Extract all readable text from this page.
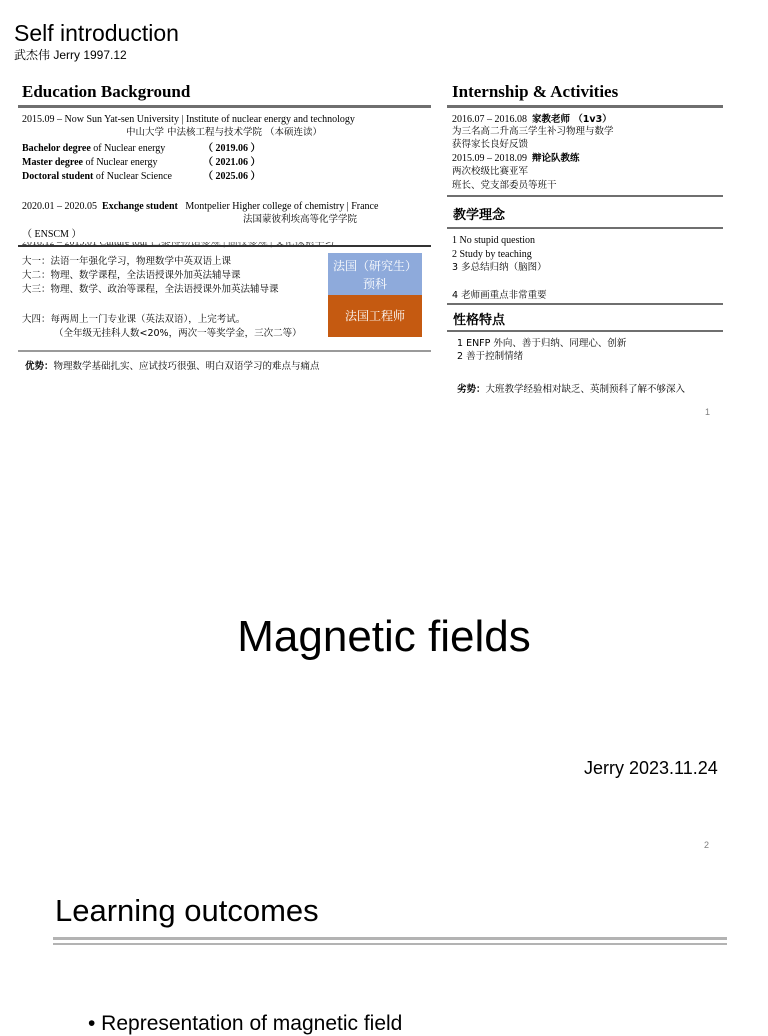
Self introduction
武杰伟 Jerry 1997.12
Education Background
2015.09 – Now Sun Yat-sen University | Institute of nuclear energy and technology
中山大学 中法核工程与技术学院 （本硕连读）
Bachelor degree of Nuclear energy	（ 2019.06 ）
Master degree of Nuclear energy	（ 2021.06 ）
Doctoral student of Nuclear Science	（ 2025.06 ）
2020.01 – 2020.05 Exchange student Montpelier Higher college of chemistry | France
法国蒙彼利埃高等化学学院
（ ENSCM ）
大一：法语一年强化学习，物理数学中英双语上课
大二：物理、数学课程，全法语授课外加英法辅导课
大三：物理、数学、政治等课程，全法语授课外加英法辅导课
大四：每两周上一门专业课（英法双语），上完考试。
（全年级无挂科人数<20%，两次一等奖学金，三次二等）
法国（研究生）预科
法国工程师
优势：物理数学基础扎实、应试技巧很强、明白双语学习的难点与痛点
Internship & Activities
2016.07 – 2016.08 家教老师 （1v3）
为三名高二升高三学生补习物理与数学
获得家长良好反馈
2015.09 – 2018.09 辩论队教练
两次校级比赛亚军
班长、党支部委员等班干
教学理念
1 No stupid question
2 Study by teaching
3 多总结归纳（脑图）
4 老师画重点非常重要
性格特点
1 ENFP 外向、善于归纳、同理心、创新
2 善于控制情绪
劣势：大班教学经验相对缺乏、英制预科了解不够深入
1
Magnetic fields
Jerry 2023.11.24
2
Learning outcomes
• Representation of magnetic field
